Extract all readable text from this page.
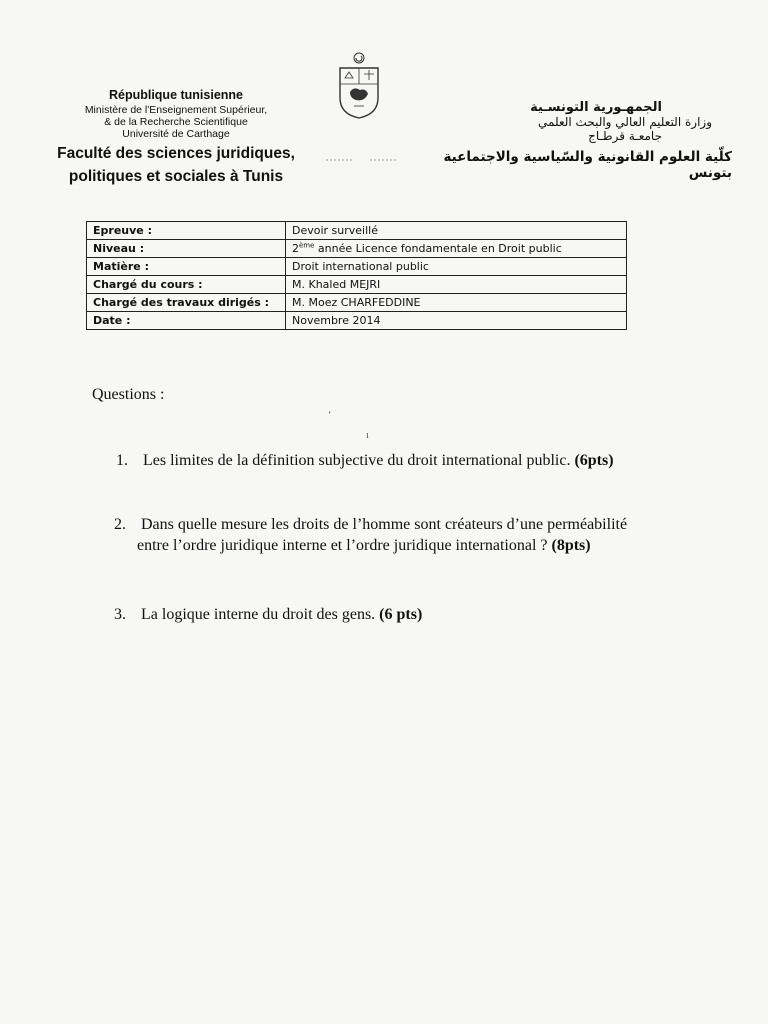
République tunisienne
Ministère de l'Enseignement Supérieur,
& de la Recherche Scientifique
Université de Carthage
Faculté des sciences juridiques,
politiques et sociales à Tunis
الجمهـورية التونسـية
وزارة التعليم العالي والبحث العلمي
جامعـة قرطـاج
كلّية العلوم القانونية والسّياسية والاجتماعية بتونس
Epreuve :	Devoir surveillé
Niveau :	2ème année Licence fondamentale en Droit public
Matière :	Droit international public
Chargé du cours :	M. Khaled MEJRI
Chargé des travaux dirigés :	M. Moez CHARFEDDINE
Date :	Novembre 2014
Questions :
ʻ
ı
1. Les limites de la définition subjective du droit international public. (6pts)
2. Dans quelle mesure les droits de l’homme sont créateurs d’une perméabilité
entre l’ordre juridique interne et l’ordre juridique international ? (8pts)
3. La logique interne du droit des gens. (6 pts)
